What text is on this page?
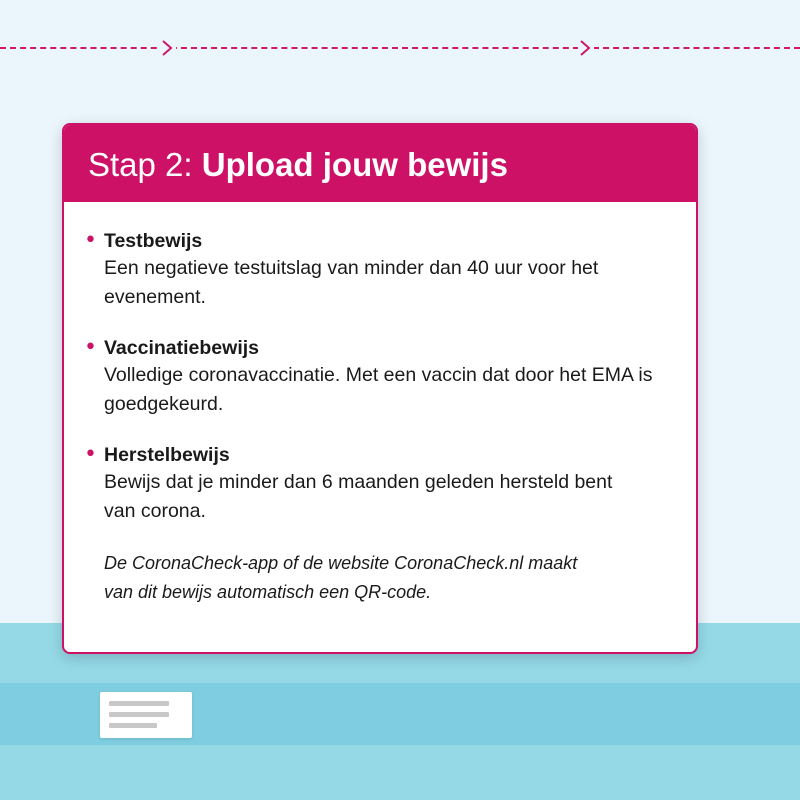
Stap 2: Upload jouw bewijs
• Testbewijs
Een negatieve testuitslag van minder dan 40 uur voor het evenement.
• Vaccinatiebewijs
Volledige coronavaccinatie. Met een vaccin dat door het EMA is goedgekeurd.
• Herstelbewijs
Bewijs dat je minder dan 6 maanden geleden hersteld bent van corona.
De CoronaCheck-app of de website CoronaCheck.nl maakt van dit bewijs automatisch een QR-code.
